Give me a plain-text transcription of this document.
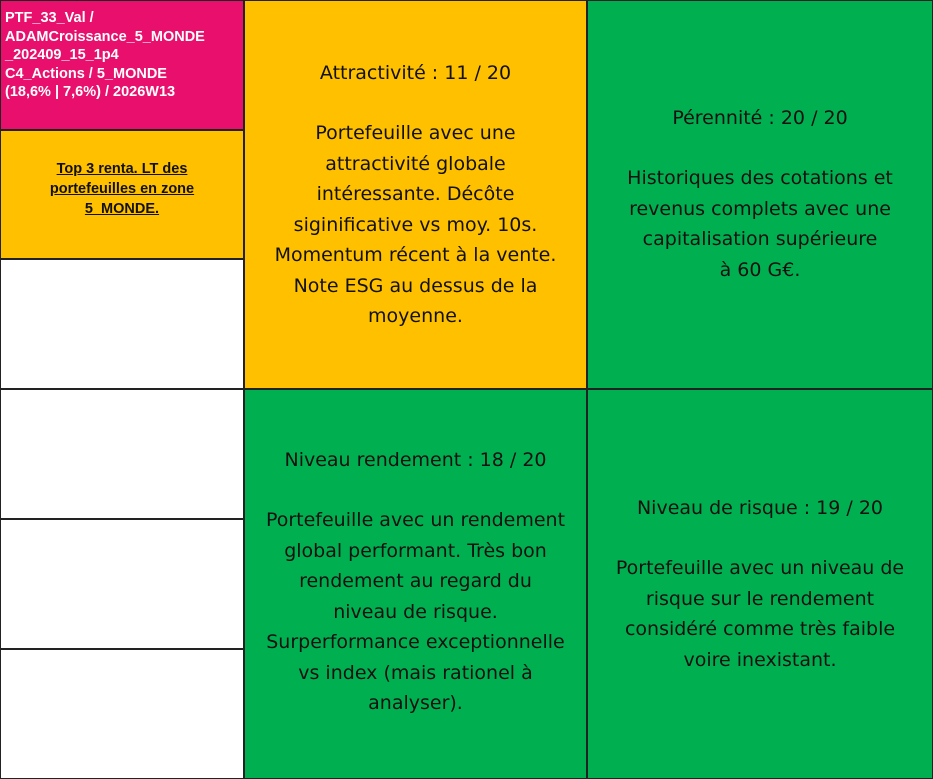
PTF_33_Val /
ADAMCroissance_5_MONDE
_202409_15_1p4
C4_Actions / 5_MONDE
(18,6% | 7,6%) / 2026W13
Top 3 renta. LT des
portefeuilles en zone
5_MONDE.
Attractivité : 11 / 20
Portefeuille avec une
attractivité globale
intéressante. Décôte
siginificative vs moy. 10s.
Momentum récent à la vente.
Note ESG au dessus de la
moyenne.
Pérennité : 20 / 20
Historiques des cotations et
revenus complets avec une
capitalisation supérieure
à 60 G€.
Niveau rendement : 18 / 20
Portefeuille avec un rendement
global performant. Très bon
rendement au regard du
niveau de risque.
Surperformance exceptionnelle
vs index (mais rationel à
analyser).
Niveau de risque : 19 / 20
Portefeuille avec un niveau de
risque sur le rendement
considéré comme très faible
voire inexistant.
